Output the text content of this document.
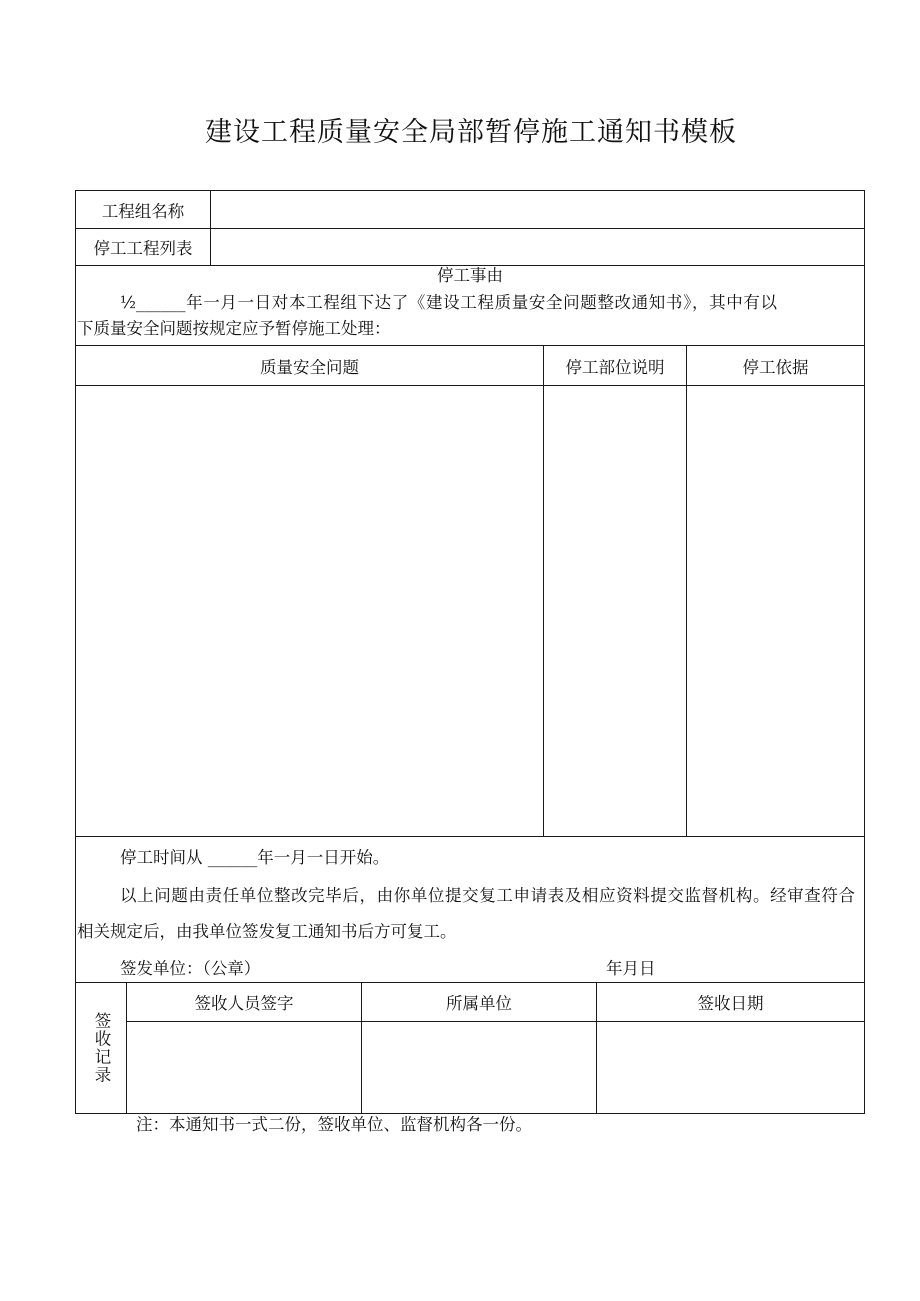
建设工程质量安全局部暂停施工通知书模板
工程组名称
停工工程列表
停工事由
½______年一月一日对本工程组下达了《建设工程质量安全问题整改通知书》，其中有以
下质量安全问题按规定应予暂停施工处理：
质量安全问题	停工部位说明	停工依据
停工时间从 ______年一月一日开始。
以上问题由责任单位整改完毕后，由你单位提交复工申请表及相应资料提交监督机构。经审查符合
相关规定后，由我单位签发复工通知书后方可复工。
签发单位：（公章）	年月日
签收记录
签收人员签字	所属单位	签收日期
注：本通知书一式二份，签收单位、监督机构各一份。
